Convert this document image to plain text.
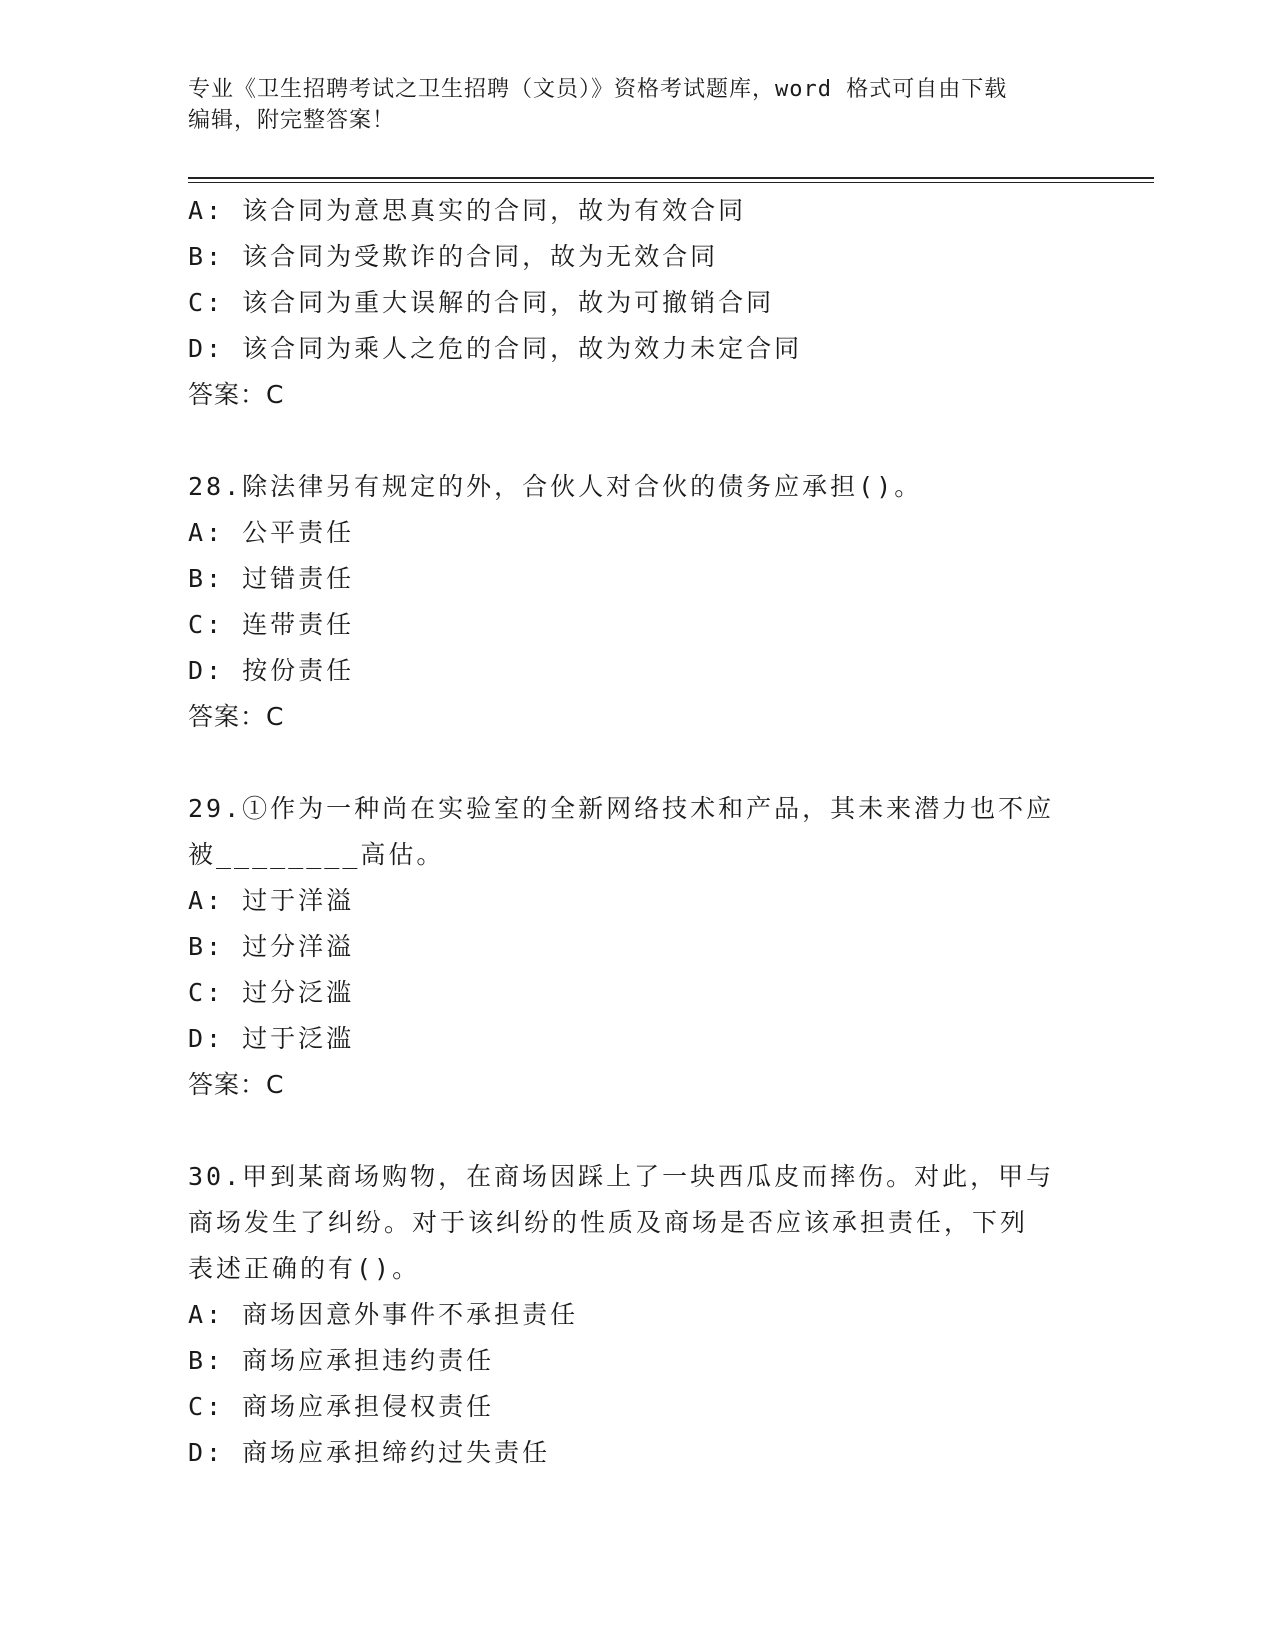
专业《卫生招聘考试之卫生招聘（文员）》资格考试题库，word 格式可自由下载
编辑，附完整答案！
A: 该合同为意思真实的合同，故为有效合同
B: 该合同为受欺诈的合同，故为无效合同
C: 该合同为重大误解的合同，故为可撤销合同
D: 该合同为乘人之危的合同，故为效力未定合同
答案：C
28.除法律另有规定的外，合伙人对合伙的债务应承担()。
A: 公平责任
B: 过错责任
C: 连带责任
D: 按份责任
答案：C
29.①作为一种尚在实验室的全新网络技术和产品，其未来潜力也不应
被________高估。
A: 过于洋溢
B: 过分洋溢
C: 过分泛滥
D: 过于泛滥
答案：C
30.甲到某商场购物，在商场因踩上了一块西瓜皮而摔伤。对此，甲与
商场发生了纠纷。对于该纠纷的性质及商场是否应该承担责任，下列
表述正确的有()。
A: 商场因意外事件不承担责任
B: 商场应承担违约责任
C: 商场应承担侵权责任
D: 商场应承担缔约过失责任
